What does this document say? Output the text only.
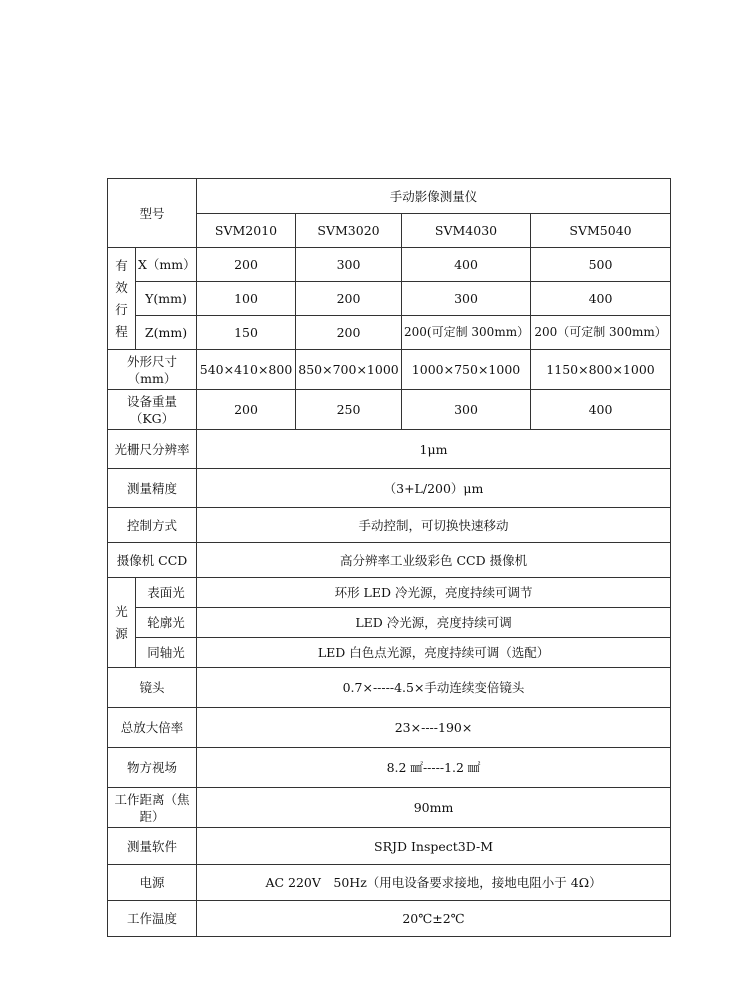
型号		手动影像测量仪			
		SVM2010	SVM3020	SVM4030	SVM5040

有效行程	X（mm）	200	300	400	500
	Y(mm)	100	200	300	400
	Z(mm)	150	200	200(可定制 300mm）	200（可定制 300mm）
外形尺寸（mm）		540×410×800	850×700×1000	1000×750×1000	1150×800×1000
设备重量（KG）		200	250	300	400
光栅尺分辨率		1μm			
测量精度		（3+L/200）μm			
控制方式		手动控制，可切换快速移动			
摄像机 CCD		高分辨率工业级彩色 CCD 摄像机			

光源	表面光	环形 LED 冷光源，亮度持续可调节			
	轮廓光	LED 冷光源，亮度持续可调			
	同轴光	LED 白色点光源，亮度持续可调（选配）			
镜头		0.7×-----4.5×手动连续变倍镜头			
总放大倍率		23×----190×			
物方视场		8.2 ㎟-----1.2 ㎟			
工作距离（焦距）		90mm			
测量软件		SRJD Inspect3D-M			
电源		AC 220V　50Hz（用电设备要求接地，接地电阻小于 4Ω）			
工作温度		20℃±2℃			
